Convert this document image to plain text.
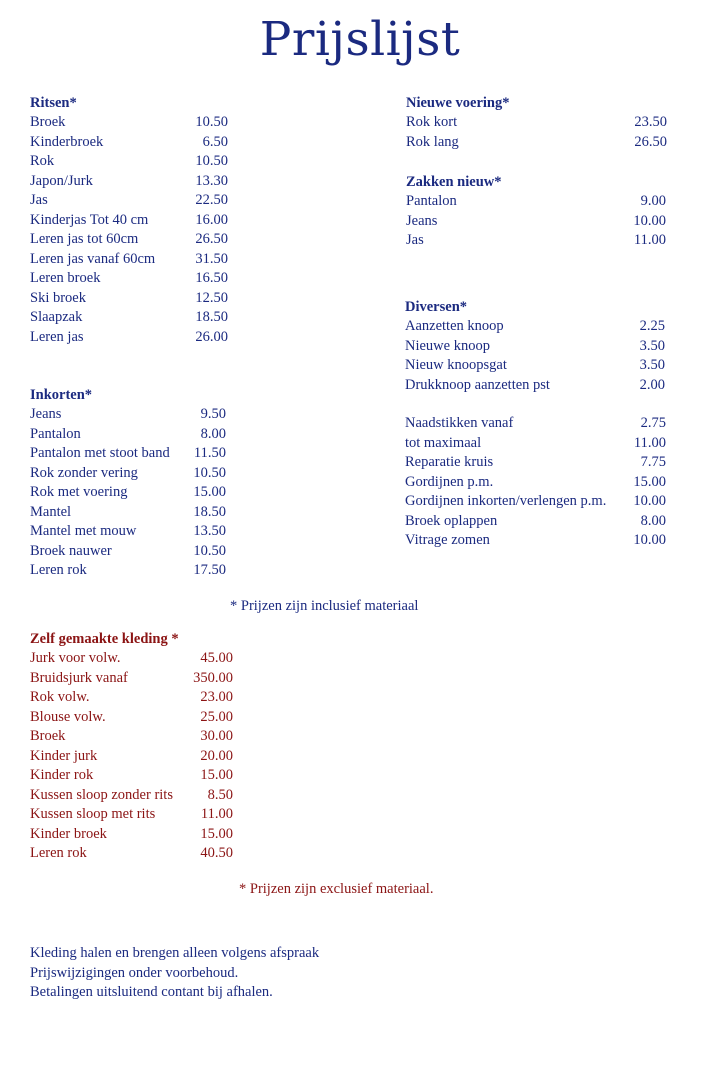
Prijslijst
Ritsen*
Broek	10.50
Kinderbroek	6.50
Rok	10.50
Japon/Jurk	13.30
Jas	22.50
Kinderjas Tot 40 cm	16.00
Leren jas tot 60cm	26.50
Leren jas vanaf 60cm	31.50
Leren broek	16.50
Ski broek	12.50
Slaapzak	18.50
Leren jas	26.00
Inkorten*
Jeans	9.50
Pantalon	8.00
Pantalon met stoot band 11.50
Rok zonder vering	10.50
Rok met voering	15.00
Mantel	18.50
Mantel met mouw	13.50
Broek nauwer	10.50
Leren rok	17.50
Nieuwe voering*
Rok kort	23.50
Rok lang	26.50
Zakken nieuw*
Pantalon	9.00
Jeans	10.00
Jas	11.00
Diversen*
Aanzetten knoop	2.25
Nieuwe knoop	3.50
Nieuw knoopsgat	3.50
Drukknoop aanzetten pst	2.00
Naadstikken vanaf	2.75
tot maximaal	11.00
Reparatie kruis	7.75
Gordijnen p.m.	15.00
Gordijnen inkorten/verlengen p.m. 10.00
Broek oplappen	8.00
Vitrage zomen	10.00
* Prijzen zijn inclusief materiaal
Zelf gemaakte kleding *
Jurk voor volw.	45.00
Bruidsjurk vanaf	350.00
Rok volw.	23.00
Blouse volw.	25.00
Broek	30.00
Kinder jurk	20.00
Kinder rok	15.00
Kussen sloop zonder rits 8.50
Kussen sloop met rits	11.00
Kinder broek	15.00
Leren rok	40.50
* Prijzen zijn exclusief materiaal.
Kleding halen en brengen alleen volgens afspraak
Prijswijzigingen onder voorbehoud.
Betalingen uitsluitend contant bij afhalen.
